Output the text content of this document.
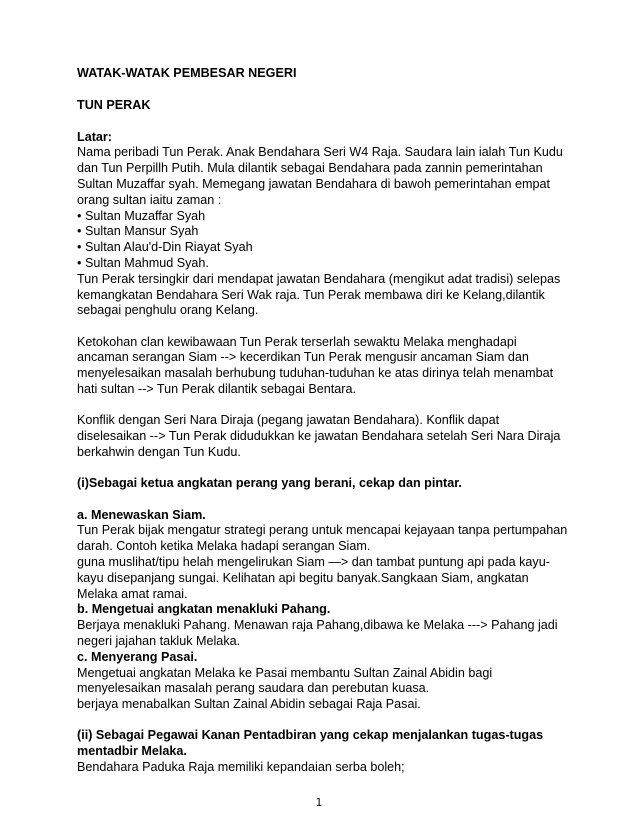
WATAK-WATAK PEMBESAR NEGERI

TUN PERAK

Latar:

Nama peribadi Tun Perak. Anak Bendahara Seri W4 Raja. Saudara lain ialah Tun Kudu
dan Tun Perpillh Putih. Mula dilantik sebagai Bendahara pada zannin pemerintahan
Sultan Muzaffar syah. Memegang jawatan Bendahara di bawoh pemerintahan empat
orang sultan iaitu zaman :
• Sultan Muzaffar Syah
• Sultan Mansur Syah
• Sultan Alau'd-Din Riayat Syah
• Sultan Mahmud Syah.
Tun Perak tersingkir dari mendapat jawatan Bendahara (mengikut adat tradisi) selepas
kemangkatan Bendahara Seri Wak raja. Tun Perak membawa diri ke Kelang,dilantik
sebagai penghulu orang Kelang.
Ketokohan clan kewibawaan Tun Perak terserlah sewaktu Melaka menghadapi
ancaman serangan Siam --> kecerdikan Tun Perak mengusir ancaman Siam dan
menyelesaikan masalah berhubung tuduhan-tuduhan ke atas dirinya telah menambat
hati sultan --> Tun Perak dilantik sebagai Bentara.
Konflik dengan Seri Nara Diraja (pegang jawatan Bendahara). Konflik dapat
diselesaikan --> Tun Perak didudukkan ke jawatan Bendahara setelah Seri Nara Diraja
berkahwin dengan Tun Kudu.

(i)Sebagai ketua angkatan perang yang berani, cekap dan pintar.

a. Menewaskan Siam.

Tun Perak bijak mengatur strategi perang untuk mencapai kejayaan tanpa pertumpahan
darah. Contoh ketika Melaka hadapi serangan Siam.
guna muslihat/tipu helah mengelirukan Siam —> dan tambat puntung api pada kayu-
kayu disepanjang sungai. Kelihatan api begitu banyak.Sangkaan Siam, angkatan
Melaka amat ramai.

b. Mengetuai angkatan menakluki Pahang.

Berjaya menakluki Pahang. Menawan raja Pahang,dibawa ke Melaka ---> Pahang jadi
negeri jajahan takluk Melaka.

c. Menyerang Pasai.

Mengetuai angkatan Melaka ke Pasai membantu Sultan Zainal Abidin bagi
menyelesaikan masalah perang saudara dan perebutan kuasa.
berjaya menabalkan Sultan Zainal Abidin sebagai Raja Pasai.
(ii) Sebagai Pegawai Kanan Pentadbiran yang cekap menjalankan tugas-tugas
mentadbir Melaka.
Bendahara Paduka Raja memiliki kepandaian serba boleh;
1
